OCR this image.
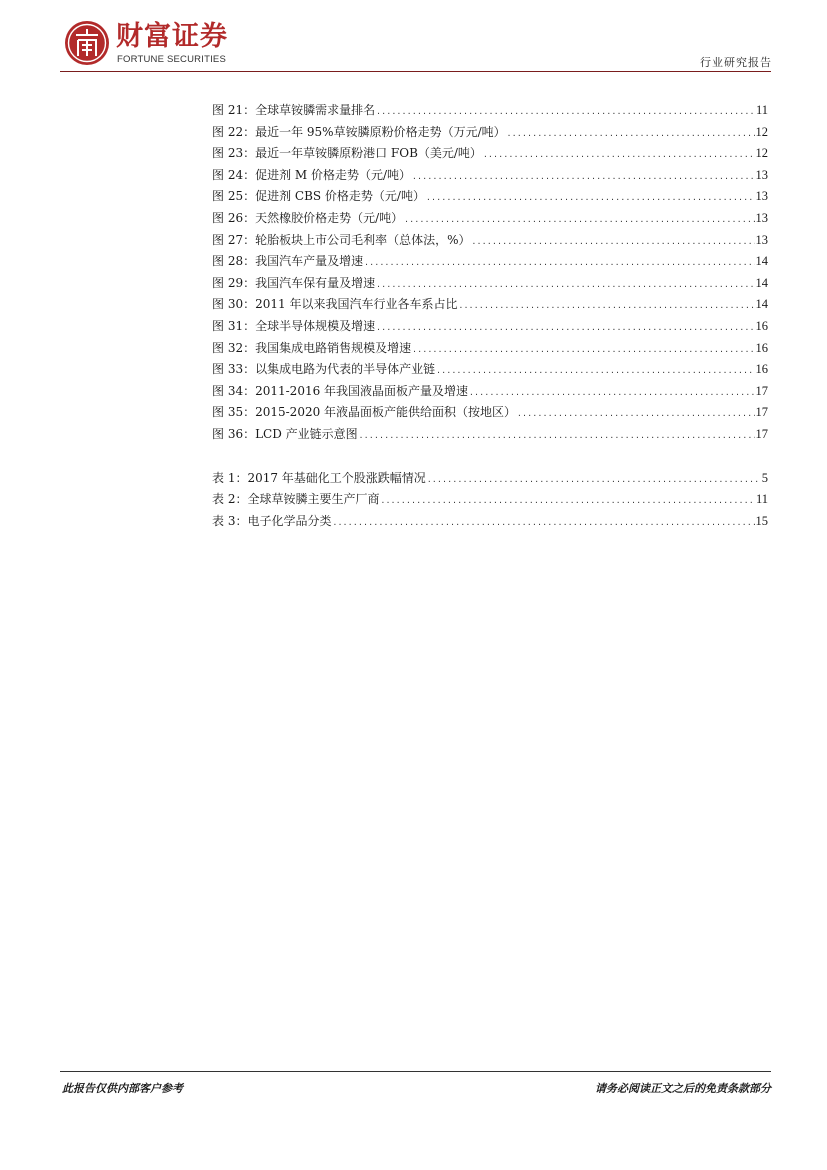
财富证券
FORTUNE SECURITIES	行业研究报告
图 21：全球草铵膦需求量排名 .....	11
图 22：最近一年 95%草铵膦原粉价格走势（万元/吨） .....	12
图 23：最近一年草铵膦原粉港口 FOB（美元/吨） .....	12
图 24：促进剂 M 价格走势（元/吨） .....	13
图 25：促进剂 CBS 价格走势（元/吨） .....	13
图 26：天然橡胶价格走势（元/吨） .....	13
图 27：轮胎板块上市公司毛利率（总体法，%） .....	13
图 28：我国汽车产量及增速 .....	14
图 29：我国汽车保有量及增速 .....	14
图 30：2011 年以来我国汽车行业各车系占比 .....	14
图 31：全球半导体规模及增速 .....	16
图 32：我国集成电路销售规模及增速 .....	16
图 33：以集成电路为代表的半导体产业链 .....	16
图 34：2011-2016 年我国液晶面板产量及增速 .....	17
图 35：2015-2020 年液晶面板产能供给面积（按地区） .....	17
图 36：LCD 产业链示意图 .....	17
表 1：2017 年基础化工个股涨跌幅情况 .....	5
表 2：全球草铵膦主要生产厂商 .....	11
表 3：电子化学品分类 .....	15
此报告仅供内部客户参考	请务必阅读正文之后的免责条款部分
